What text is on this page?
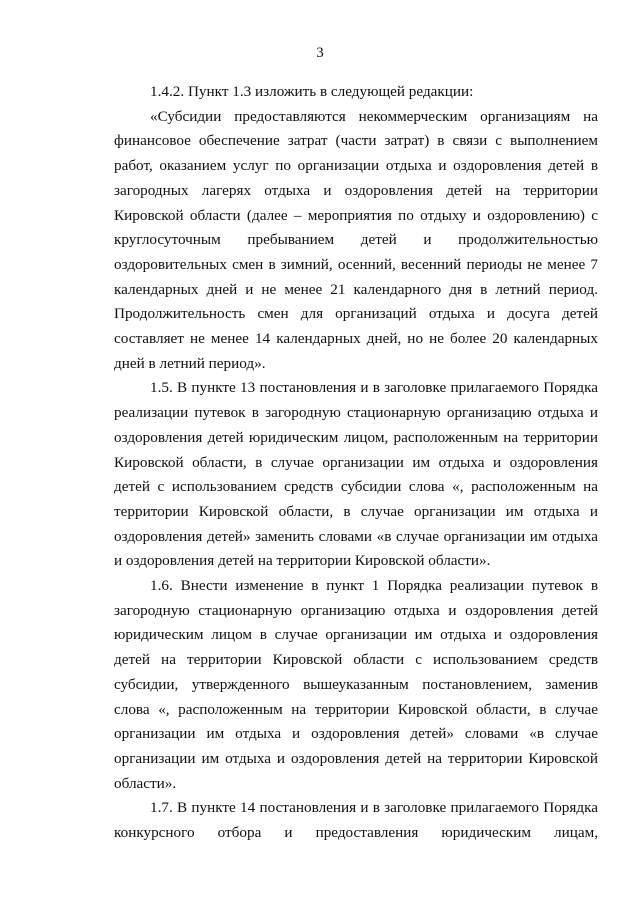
3

1.4.2. Пункт 1.3 изложить в следующей редакции:

«Субсидии предоставляются некоммерческим организациям на финансовое обеспечение затрат (части затрат) в связи с выполнением работ, оказанием услуг по организации отдыха и оздоровления детей в загородных лагерях отдыха и оздоровления детей на территории Кировской области (далее – мероприятия по отдыху и оздоровлению) с круглосуточным пребыванием детей и продолжительностью оздоровительных смен в зимний, осенний, весенний периоды не менее 7 календарных дней и не менее 21 календарного дня в летний период. Продолжительность смен для организаций отдыха и досуга детей составляет не менее 14 календарных дней, но не более 20 календарных дней в летний период».

1.5. В пункте 13 постановления и в заголовке прилагаемого Порядка реализации путевок в загородную стационарную организацию отдыха и оздоровления детей юридическим лицом, расположенным на территории Кировской области, в случае организации им отдыха и оздоровления детей с использованием средств субсидии слова «, расположенным на территории Кировской области, в случае организации им отдыха и оздоровления детей» заменить словами «в случае организации им отдыха и оздоровления детей на территории Кировской области».

1.6. Внести изменение в пункт 1 Порядка реализации путевок в загородную стационарную организацию отдыха и оздоровления детей юридическим лицом в случае организации им отдыха и оздоровления детей на территории Кировской области с использованием средств субсидии, утвержденного вышеуказанным постановлением, заменив слова «, расположенным на территории Кировской области, в случае организации им отдыха и оздоровления детей» словами «в случае организации им отдыха и оздоровления детей на территории Кировской области».

1.7. В пункте 14 постановления и в заголовке прилагаемого Порядка конкурсного отбора и предоставления юридическим лицам,
